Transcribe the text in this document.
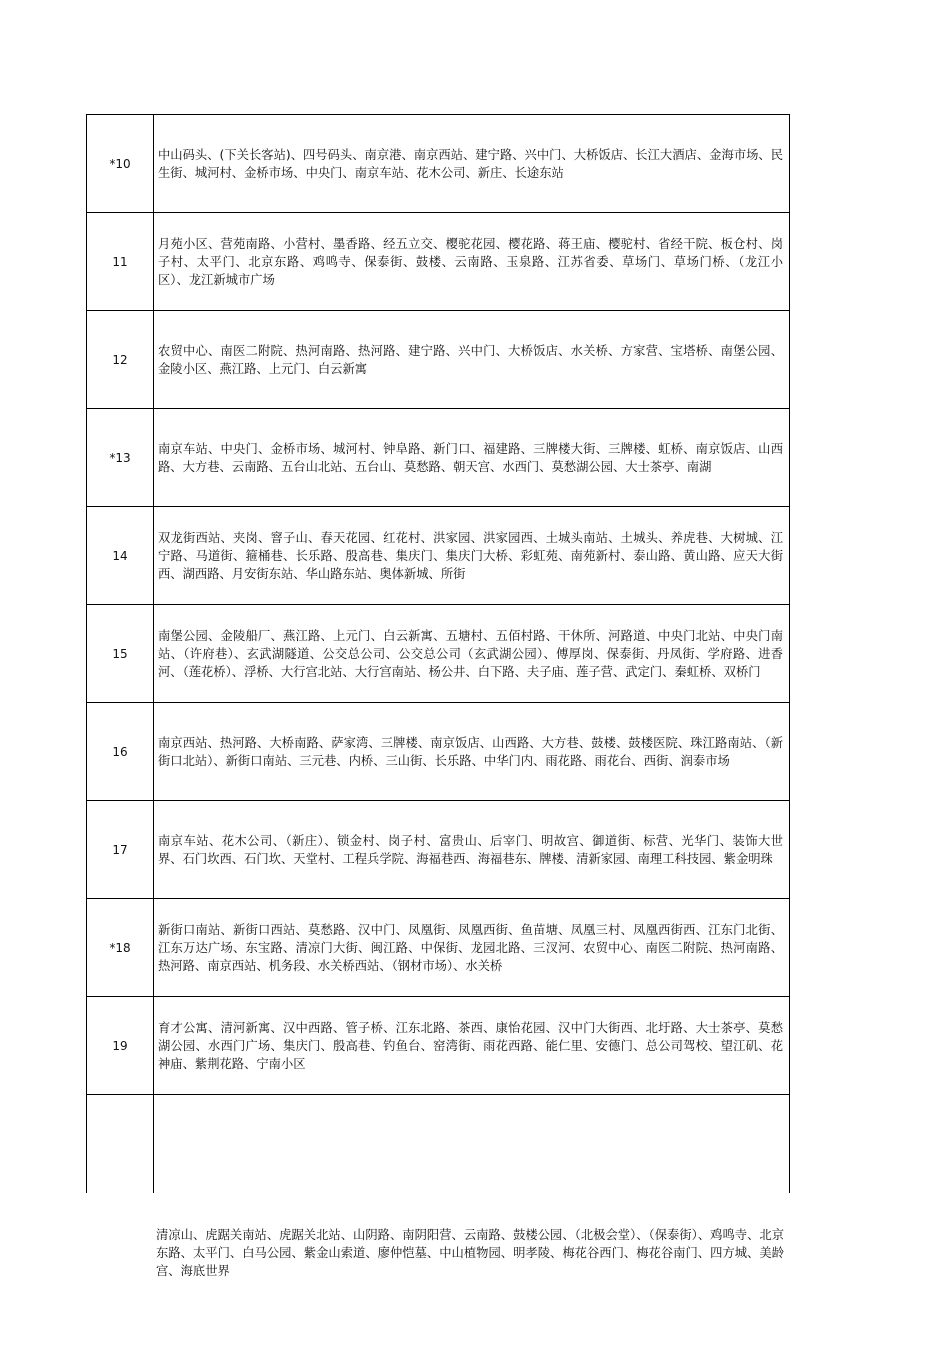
*10	中山码头、(下关长客站)、四号码头、南京港、南京西站、建宁路、兴中门、大桥饭店、长江大酒店、金海市场、民生街、城河村、金桥市场、中央门、南京车站、花木公司、新庄、长途东站
11	月苑小区、营苑南路、小营村、墨香路、经五立交、樱驼花园、樱花路、蒋王庙、樱驼村、省经干院、板仓村、岗子村、太平门、北京东路、鸡鸣寺、保泰街、鼓楼、云南路、玉泉路、江苏省委、草场门、草场门桥、（龙江小区）、龙江新城市广场
12	农贸中心、南医二附院、热河南路、热河路、建宁路、兴中门、大桥饭店、水关桥、方家营、宝塔桥、南堡公园、金陵小区、燕江路、上元门、白云新寓
*13	南京车站、中央门、金桥市场、城河村、钟阜路、新门口、福建路、三牌楼大街、三牌楼、虹桥、南京饭店、山西路、大方巷、云南路、五台山北站、五台山、莫愁路、朝天宫、水西门、莫愁湖公园、大士茶亭、南湖
14	双龙街西站、夹岗、窨子山、春天花园、红花村、洪家园、洪家园西、土城头南站、土城头、养虎巷、大树城、江宁路、马道街、箍桶巷、长乐路、殷高巷、集庆门、集庆门大桥、彩虹苑、南苑新村、泰山路、黄山路、应天大街西、湖西路、月安街东站、华山路东站、奥体新城、所街
15	南堡公园、金陵船厂、燕江路、上元门、白云新寓、五塘村、五佰村路、干休所、河路道、中央门北站、中央门南站、（许府巷）、玄武湖隧道、公交总公司、公交总公司（玄武湖公园）、傅厚岗、保泰街、丹凤街、学府路、进香河、（莲花桥）、浮桥、大行宫北站、大行宫南站、杨公井、白下路、夫子庙、莲子营、武定门、秦虹桥、双桥门
16	南京西站、热河路、大桥南路、萨家湾、三牌楼、南京饭店、山西路、大方巷、鼓楼、鼓楼医院、珠江路南站、（新街口北站）、新街口南站、三元巷、内桥、三山街、长乐路、中华门内、雨花路、雨花台、西街、润泰市场
17	南京车站、花木公司、（新庄）、锁金村、岗子村、富贵山、后宰门、明故宫、御道街、标营、光华门、装饰大世界、石门坎西、石门坎、天堂村、工程兵学院、海福巷西、海福巷东、牌楼、清新家园、南理工科技园、紫金明珠
*18	新街口南站、新街口西站、莫愁路、汉中门、凤凰街、凤凰西街、鱼苗塘、凤凰三村、凤凰西街西、江东门北街、江东万达广场、东宝路、清凉门大街、闽江路、中保街、龙园北路、三汊河、农贸中心、南医二附院、热河南路、热河路、南京西站、机务段、水关桥西站、（钢材市场）、水关桥
19	育才公寓、清河新寓、汉中西路、管子桥、江东北路、茶西、康怡花园、汉中门大街西、北圩路、大士茶亭、莫愁湖公园、水西门广场、集庆门、殷高巷、钓鱼台、窑湾街、雨花西路、能仁里、安德门、总公司驾校、望江矶、花神庙、紫荆花路、宁南小区

清凉山、虎踞关南站、虎踞关北站、山阴路、南阴阳营、云南路、鼓楼公园、（北极会堂）、（保泰街）、鸡鸣寺、北京东路、太平门、白马公园、紫金山索道、廖仲恺墓、中山植物园、明孝陵、梅花谷西门、梅花谷南门、四方城、美龄宫、海底世界
